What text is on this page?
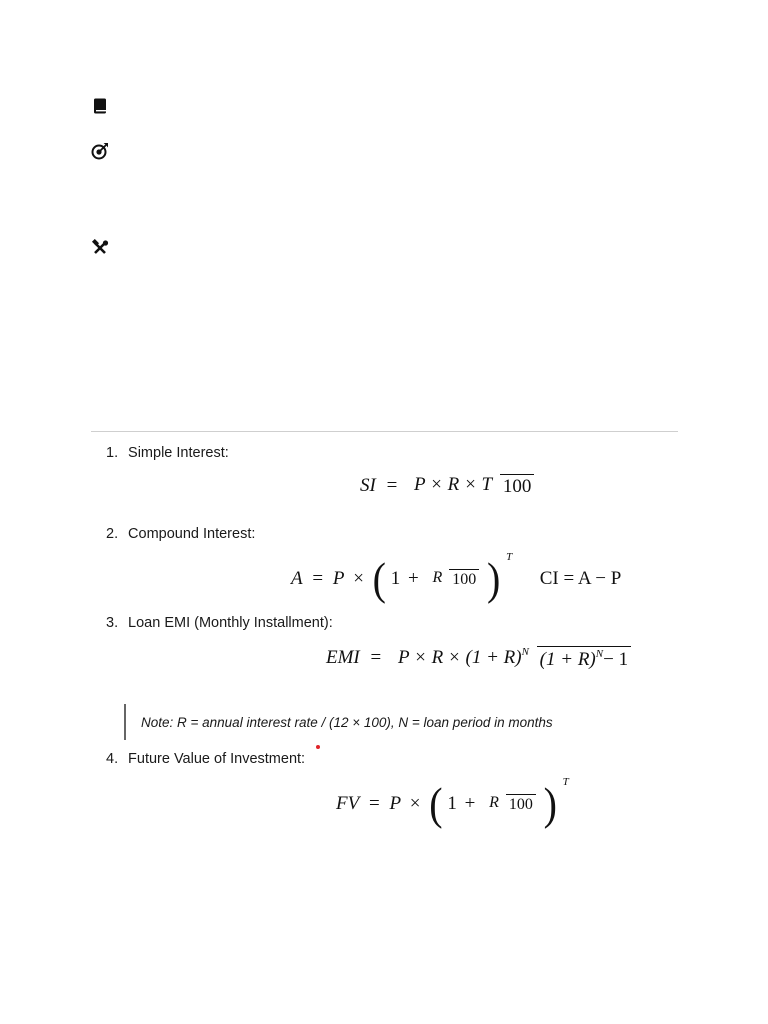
1. Simple Interest:
SI = P × R × T 100
2. Compound Interest:
A = P × ( 1 + R 100 ) T  CI = A − P
3. Loan EMI (Monthly Installment):
EMI = $P \times R \times (1 + R)^N$ $(1 + R)^N- 1$
Note: R = annual interest rate / (12 × 100), N = loan period in months
4. Future Value of Investment:
FV = P × ( 1 + R 100 ) T
